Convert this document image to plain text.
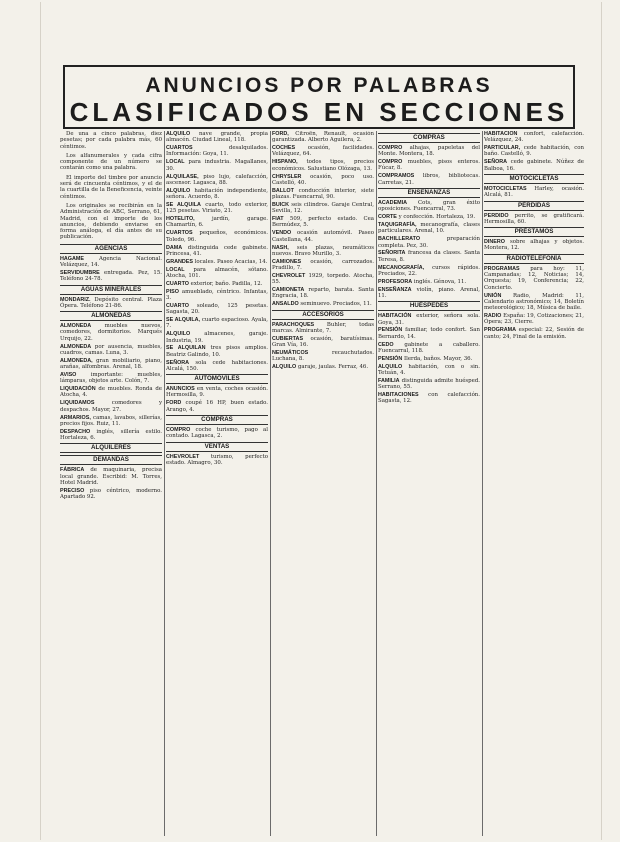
ANUNCIOS POR PALABRAS
CLASIFICADOS EN SECCIONES
De una a cinco palabras, diez pesetas; por cada palabra más, 60 céntimos.
Los alfanumerales y cada cifra componente de un número se contarán como una palabra.
El importe del timbre por anuncio será de cincuenta céntimos, y el de la cuartilla de la Beneficencia, veinte céntimos.
Los originales se recibirán en la Administración de ABC, Serrano, 61, Madrid, con el importe de los anuncios, debiendo enviarse en forma análoga, el día antes de su publicación.
AGENCIAS
HAGAME Agencia Nacional. Velázquez, 14.
SERVIDUMBRE entregada. Pez, 15. Teléfono 24-78.
AGUAS MINERALES
MONDARIZ. Depósito central. Plaza Ópera. Teléfono 21-86.
ALMONEDAS
ALMONEDA muebles nuevos, comedores, dormitorios. Marqués Urquijo, 22.
ALMONEDA por ausencia, muebles, cuadros, camas. Luna, 3.
ALMONEDA, gran mobiliario, piano, arañas, alfombras. Arenal, 18.
AVISO importante: muebles, lámparas, objetos arte. Colón, 7.
LIQUIDACIÓN de muebles. Ronda de Atocha, 4.
LIQUIDAMOS comedores y despachos. Mayor, 27.
ARMARIOS, camas, lavabos, sillerías, precios fijos. Ruiz, 11.
DESPACHO inglés, sillería estilo. Hortaleza, 6.
ALQUILERES
DEMANDAS
FÁBRICA de maquinaria, precisa local grande. Escribid: M. Torres, Hotel Madrid.
PRECISO piso céntrico, moderno. Apartado 92.
ALQUILO nave grande, propia almacén. Ciudad Lineal, 118.
CUARTOS desalquilados. Información: Goya, 11.
LOCAL para industria. Magallanes, 30.
ALQUILASE, piso lujo, calefacción, ascensor. Lagasca, 88.
ALQUILO habitación independiente, señora. Acuerdo, 8.
SE ALQUILA cuarto, todo exterior, 125 pesetas. Viriato, 21.
HOTELITO, jardín, garage. Chamartín, 6.
CUARTOS pequeños, económicos. Toledo, 96.
DAMA distinguida cede gabinete. Princesa, 41.
GRANDES locales. Paseo Acacias, 14.
LOCAL para almacén, sótano. Atocha, 101.
CUARTO exterior, baño. Padilla, 12.
PISO amueblado, céntrico. Infantas, 3.
CUARTO soleado, 125 pesetas. Sagasta, 20.
SE ALQUILA, cuarto espacioso. Ayala, 7.
ALQUILO almacenes, garaje. Industria, 19.
SE ALQUILAN tres pisos amplios. Beatriz Galindo, 10.
SEÑORA sola cede habitaciones. Alcalá, 150.
AUTOMÓVILES
ANUNCIOS en venta, coches ocasión. Hermosilla, 9.
FORD coupé 16 HP, buen estado. Arango, 4.
COMPRAS
COMPRO coche turismo, pago al contado. Lagasca, 2.
VENTAS
CHEVROLET turismo, perfecto estado. Almagro, 30.
FORD, Citroën, Renault, ocasión garantizada. Alberto Aguilera, 2.
COCHES ocasión, facilidades. Velázquez, 64.
HISPANO, todos tipos, precios económicos. Salustiano Olózaga, 13.
CHRYSLER ocasión, poco uso. Castelló, 40.
BALLOT conducción interior, siete plazas. Fuencarral, 90.
BUICK seis cilindros. Garaje Central, Sevilla, 12.
FIAT 509, perfecto estado. Cea Bermúdez, 5.
VENDO ocasión automóvil. Paseo Castellana, 44.
NASH, seis plazas, neumáticos nuevos. Bravo Murillo, 3.
CAMIONES ocasión, carrozados. Pradillo, 7.
CHEVROLET 1929, torpedo. Atocha, 55.
CAMIONETA reparto, barata. Santa Engracia, 18.
ANSALDO seminuevo. Preciados, 11.
ACCESORIOS
PARACHOQUES Buhler, todas marcas. Almirante, 7.
CUBIERTAS ocasión, baratísimas. Gran Vía, 16.
NEUMÁTICOS recauchutados. Luchana, 8.
ALQUILO garaje, jaulas. Ferraz, 46.
COMPRAS
COMPRO alhajas, papeletas del Monte. Montera, 18.
COMPRO muebles, pisos enteros. Fúcar, 8.
COMPRAMOS libros, bibliotecas. Carretas, 21.
ENSEÑANZAS
ACADEMIA Cots, gran éxito oposiciones. Fuencarral, 73.
CORTE y confección. Hortaleza, 19.
TAQUIGRAFÍA, mecanografía, clases particulares. Arenal, 10.
BACHILLERATO preparación completa. Pez, 30.
SEÑORITA francesa da clases. Santa Teresa, 8.
MECANOGRAFÍA, cursos rápidos. Preciados, 22.
PROFESORA inglés. Génova, 11.
ENSEÑANZA violín, piano. Arenal, 11.
HUÉSPEDES
HABITACIÓN exterior, señora sola. Goya, 31.
PENSIÓN familiar, todo confort. San Bernardo, 14.
CEDO gabinete a caballero. Fuencarral, 118.
PENSIÓN Ilerda, baños. Mayor, 36.
ALQUILO habitación, con o sin. Tetuán, 4.
FAMILIA distinguida admite huésped. Serrano, 55.
HABITACIONES con calefacción. Sagasta, 12.
HABITACIÓN confort, calefacción. Velázquez, 24.
PARTICULAR, cede habitación, con baño. Castelló, 9.
SEÑORA cede gabinete. Núñez de Balboa, 16.
MOTOCICLETAS
MOTOCICLETAS Harley, ocasión. Alcalá, 81.
PÉRDIDAS
PERDIDO perrito, se gratificará. Hermosilla, 60.
PRÉSTAMOS
DINERO sobre alhajas y objetos. Montera, 12.
RADIOTELEFONÍA
PROGRAMAS para hoy: 11, Campanadas; 12, Noticias; 14, Orquesta; 19, Conferencia; 22, Concierto.
UNIÓN Radio, Madrid: 11, Calendario astronómico; 14, Boletín meteorológico; 18, Música de baile.
RADIO España: 19, Cotizaciones; 21, Ópera; 23, Cierre.
PROGRAMA especial: 22, Sesión de canto; 24, Final de la emisión.
